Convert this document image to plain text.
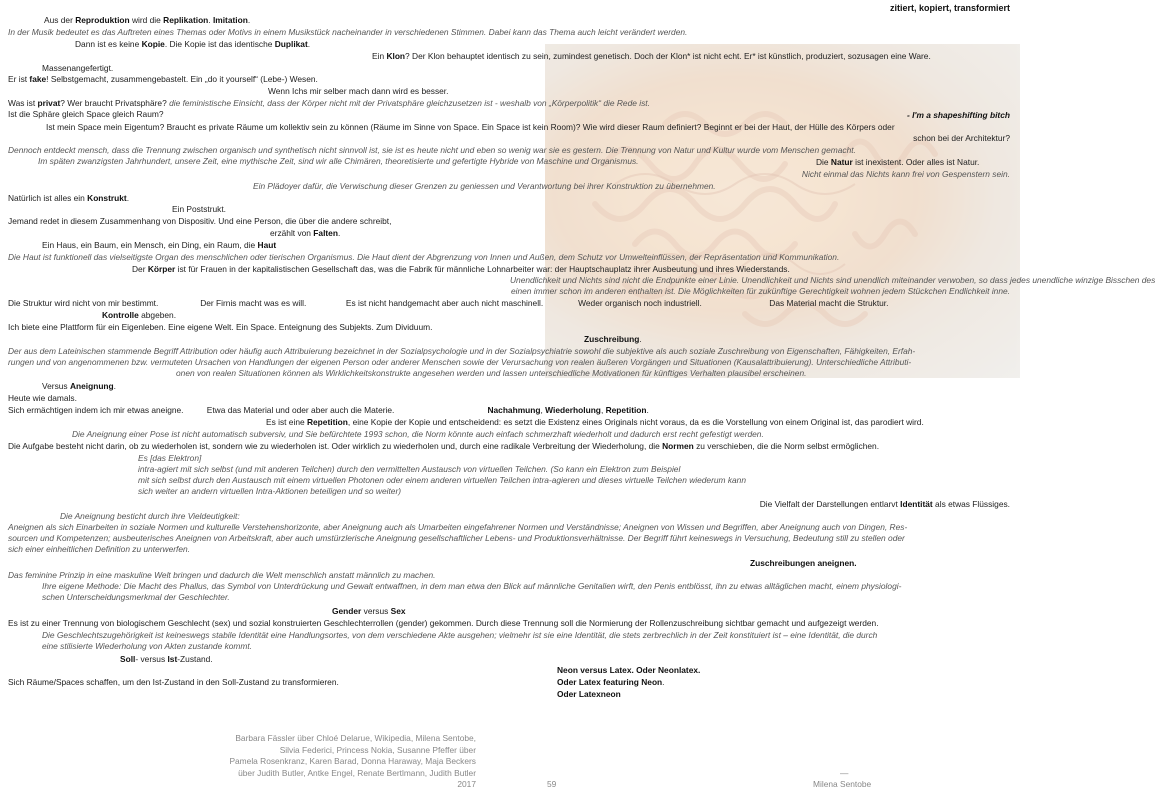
zitiert, kopiert, transformiert
Aus der Reproduktion wird die Replikation. Imitation.
In der Musik bedeutet es das Auftreten eines Themas oder Motivs in einem Musikstück nacheinander in verschiedenen Stimmen. Dabei kann das Thema auch leicht verändert werden.
Dann ist es keine Kopie. Die Kopie ist das identische Duplikat.
Ein Klon? Der Klon behauptet identisch zu sein, zumindest genetisch. Doch der Klon* ist nicht echt. Er* ist künstlich, produziert, sozusagen eine Ware.
Massenangefertigt.
Er ist fake! Selbstgemacht, zusammengebastelt. Ein „do it yourself“ (Lebe-) Wesen.
Wenn Ichs mir selber mach dann wird es besser.
Was ist privat? Wer braucht Privatsphäre? die feministische Einsicht, dass der Körper nicht mit der Privatsphäre gleichzusetzen ist - weshalb von „Körperpolitik“ die Rede ist.
Ist die Sphäre gleich Space gleich Raum?	- I'm a shapeshifting bitch
Ist mein Space mein Eigentum? Braucht es private Räume um kollektiv sein zu können (Räume im Sinne von Space. Ein Space ist kein Room)? Wie wird dieser Raum definiert? Beginnt er bei der Haut, der Hülle des Körpers oder
schon bei der Architektur?
Dennoch entdeckt mensch, dass die Trennung zwischen organisch und synthetisch nicht sinnvoll ist, sie ist es heute nicht und eben so wenig war sie es gestern. Die Trennung von Natur und Kultur wurde vom Menschen gemacht.
Im späten zwanzigsten Jahrhundert, unsere Zeit, eine mythische Zeit, sind wir alle Chimären, theoretisierte und gefertigte Hybride von Maschine und Organismus.	Die Natur ist inexistent. Oder alles ist Natur.
Nicht einmal das Nichts kann frei von Gespenstern sein.
Ein Plädoyer dafür, die Verwischung dieser Grenzen zu geniessen und Verantwortung bei ihrer Konstruktion zu übernehmen.
Natürlich ist alles ein Konstrukt.
Ein Poststrukt.
Jemand redet in diesem Zusammenhang von Dispositiv. Und eine Person, die über die andere schreibt,
erzählt von Falten.
Ein Haus, ein Baum, ein Mensch, ein Ding, ein Raum, die Haut
Die Haut ist funktionell das vielseitigste Organ des menschlichen oder tierischen Organismus. Die Haut dient der Abgrenzung von Innen und Außen, dem Schutz vor Umwelteinflüssen, der Repräsentation und Kommunikation.
Der Körper ist für Frauen in der kapitalistischen Gesellschaft das, was die Fabrik für männliche Lohnarbeiter war: der Hauptschauplatz ihrer Ausbeutung und ihres Wiederstands.
Unendlichkeit und Nichts sind nicht die Endpunkte einer Linie. Unendlichkeit und Nichts sind unendlich miteinander verwoben, so dass jedes unendliche winzige Bisschen des
einen immer schon im anderen enthalten ist. Die Möglichkeiten für zukünftige Gerechtigkeit wohnen jedem Stückchen Endlichkeit inne.
Die Struktur wird nicht von mir bestimmt.                  Der Firnis macht was es will.                 Es ist nicht handgemacht aber auch nicht maschinell.               Weder organisch noch industriell.                             Das Material macht die Struktur.
Kontrolle abgeben.
Ich biete eine Plattform für ein Eigenleben. Eine eigene Welt. Ein Space. Enteignung des Subjekts. Zum Dividuum.
Zuschreibung.
Der aus dem Lateinischen stammende Begriff Attribution oder häufig auch Attribuierung bezeichnet in der Sozialpsychologie und in der Sozialpsychiatrie sowohl die subjektive als auch soziale Zuschreibung von Eigenschaften, Fähigkeiten, Erfah-
rungen und von angenommenen bzw. vermuteten Ursachen von Handlungen der eigenen Person oder anderer Menschen sowie der Verursachung von realen äußeren Vorgängen und Situationen (Kausalattribuierung). Unterschiedliche Attributi-
onen von realen Situationen können als Wirklichkeitskonstrukte angesehen werden und lassen unterschiedliche Motivationen für künftiges Verhalten plausibel erscheinen.
Versus Aneignung.
Heute wie damals.
Sich ermächtigen indem ich mir etwas aneigne.          Etwa das Material und oder aber auch die Materie.                                        Nachahmung, Wiederholung, Repetition.
Es ist eine Repetition, eine Kopie der Kopie und entscheidend: es setzt die Existenz eines Originals nicht voraus, da es die Vorstellung von einem Original ist, das parodiert wird.
Die Aneignung einer Pose ist nicht automatisch subversiv, und Sie befürchtete 1993 schon, die Norm könnte auch einfach schmerzhaft wiederholt und dadurch erst recht gefestigt werden.
Die Aufgabe besteht nicht darin, ob zu wiederholen ist, sondern wie zu wiederholen ist. Oder wirklich zu wiederholen und, durch eine radikale Verbreitung der Wiederholung, die Normen zu verschieben, die die Norm selbst ermöglichen.
Es [das Elektron]
intra-agiert mit sich selbst (und mit anderen Teilchen) durch den vermittelten Austausch von virtuellen Teilchen. (So kann ein Elektron zum Beispiel
mit sich selbst durch den Austausch mit einem virtuellen Photonen oder einem anderen virtuellen Teilchen intra-agieren und dieses virtuelle Teilchen wiederum kann
sich weiter an andern virtuellen Intra-Aktionen beteiligen und so weiter)
Die Vielfalt der Darstellungen entlarvt Identität als etwas Flüssiges.
Die Aneignung besticht durch ihre Vieldeutigkeit:
Aneignen als sich Einarbeiten in soziale Normen und kulturelle Verstehenshorizonte, aber Aneignung auch als Umarbeiten eingefahrener Normen und Verständnisse; Aneignen von Wissen und Begriffen, aber Aneignung auch von Dingen, Res-
sourcen und Kompetenzen; ausbeuterisches Aneignen von Arbeitskraft, aber auch umstürzlerische Aneignung gesellschaftlicher Lebens- und Produktionsverhältnisse. Der Begriff führt keineswegs in Versuchung, Bedeutung still zu stellen oder
sich einer einheitlichen Definition zu unterwerfen.
Zuschreibungen aneignen.
Das feminine Prinzip in eine maskuline Welt bringen und dadurch die Welt menschlich anstatt männlich zu machen.
Ihre eigene Methode: Die Macht des Phallus, das Symbol von Unterdrückung und Gewalt entwaffnen, in dem man etwa den Blick auf männliche Genitalien wirft, den Penis entblösst, ihn zu etwas alltäglichen macht, einem physiologi-
schen Unterscheidungsmerkmal der Geschlechter.
Gender versus Sex
Es ist zu einer Trennung von biologischem Geschlecht (sex) und sozial konstruierten Geschlechterrollen (gender) gekommen. Durch diese Trennung soll die Normierung der Rollenzuschreibung sichtbar gemacht und aufgezeigt werden.
Die Geschlechtszugehörigkeit ist keineswegs stabile Identität eine Handlungsortes, von dem verschiedene Akte ausgehen; vielmehr ist sie eine Identität, die stets zerbrechlich in der Zeit konstituiert ist – eine Identität, die durch
eine stilisierte Wiederholung von Akten zustande kommt.
Soll- versus Ist-Zustand.
Neon versus Latex. Oder Neonlatex.
Sich Räume/Spaces schaffen, um den Ist-Zustand in den Soll-Zustand zu transformieren.	Oder Latex featuring Neon.
Oder Latexneon
Barbara Fässler über Chloé Delarue, Wikipedia, Milena Sentobe,
Silvia Federici, Princess Nokia, Susanne Pfeffer über
Pamela Rosenkranz, Karen Barad, Donna Haraway, Maja Beckers
über Judith Butler, Antke Engel, Renate Bertlmann, Judith Butler
2017	59
—
Milena Sentobe
